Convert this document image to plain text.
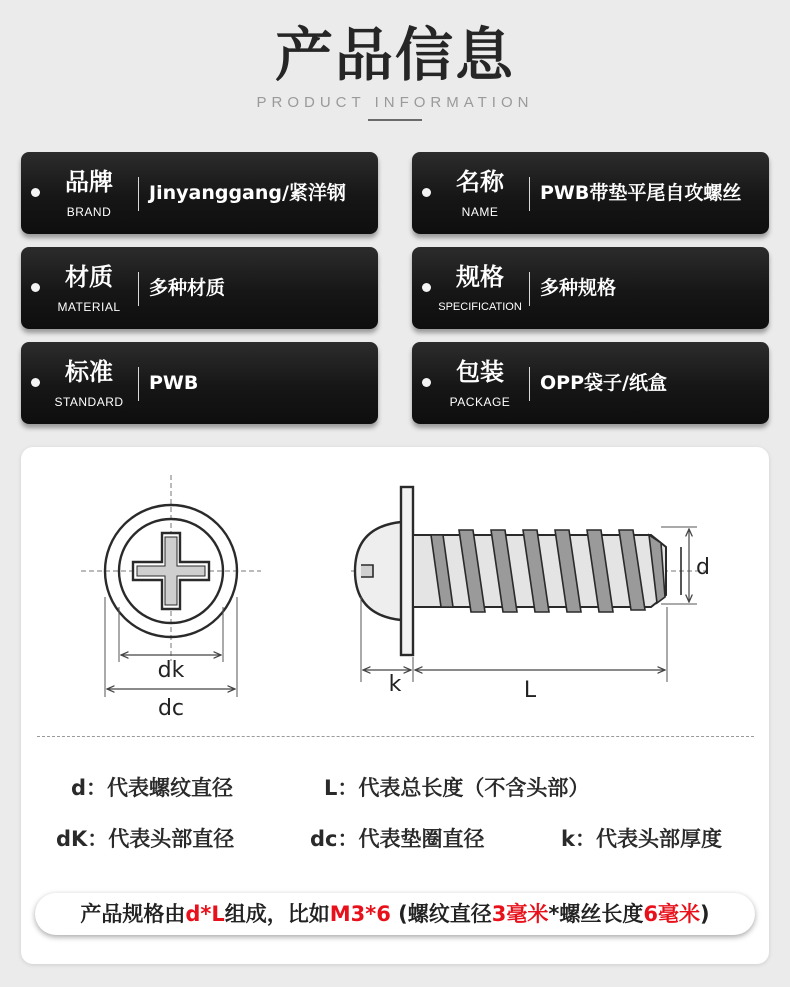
产品信息
PRODUCT INFORMATION
品牌
BRAND
Jinyanggang/紧洋钢	名称
NAME
PWB带垫平尾自攻螺丝
材质
MATERIAL
多种材质	规格
SPECIFICATION
多种规格
标准
STANDARD
PWB	包装
PACKAGE
OPP袋子/纸盒
dk
dc
k	L
d
d：代表螺纹直径	L：代表总长度（不含头部）
dK：代表头部直径	dc：代表垫圈直径	k：代表头部厚度
产品规格由d*L组成，比如M3*6 (螺纹直径3毫米*螺丝长度6毫米)
